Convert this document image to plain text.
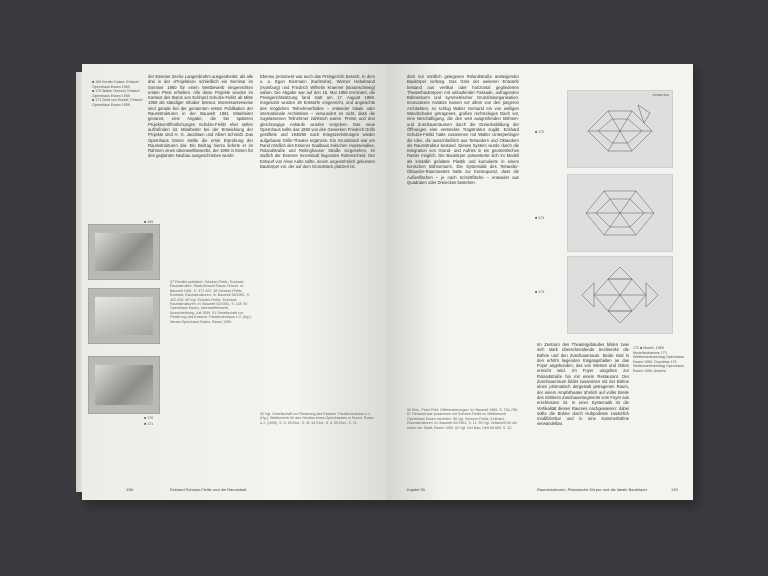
■ 169 Kerstin Kaiser, Entwurf Opernhaus Essen 1959
■ 170 Walter Gerund, Entwurf Opernhaus Essen 1959
■ 171 Gerd von Rudolf, Entwurf Opernhaus Essen 1959
der Essener Zeche Langenbrahm ausgearbeitet, als alle drei in der «Projektion» schließlich ein Seminar im Sommer 1960 für einen Wettbewerb eingereichten ersten Preis erhielten. Alle diese Projekte wurden im Kontext des Büros von Eckhard Schulze-Fielitz ab Mitte 1959 als ständiger Inhaber betreut. Interessanterweise sind gerade bei der genannten ersten Publikation der Raumstrukturen in der Bauwelt 1961 Mitarbeiter genannt, eine Angabe, die bei späteren Projektveröffentlichungen Schulze-Fielitz eher selten aufzufinden ist. Mitarbeiter bei der Entwicklung der Projekte sind H. G. Jacobsen und Albert Schmidt. Das Opernhaus Essen stellte die erste Erprobung der Raumstrukturen dar. Ein Beitrag hierzu lieferte er im Rahmen eines Ideenwettbewerbs, der 1959 in Essen für den geplanten Neubau ausgeschrieben wurde.
Ebenso prominent war auch das Preisgericht besetzt. In dem u. a. Egon Eiermann (Karlsruhe), Werner Hebebrand (Hamburg) und Friedrich Wilhelm Kraemer (Braunschweig) saßen. Die Abgabe war auf den 15. Mai 1959 terminiert, die Preisgerichtssitzung fand statt am 17. August 1959. Insgesamt wurden 39 Entwürfe eingereicht, und angesichts des möglichen Teilnehmerfeldes – entweder lokale oder internationale Architekten – verwundert es nicht, dass die zugelassenen Teilnehmer zahlreich waren. Preise und drei gleichrangige Ankäufe wurden vergeben. Das neue Opernhaus sollte das 1892 von den Gewerken Friedrich Grillo gestiftete und 1948/50 nach Kriegszerstörungen wieder aufgebaute Grillo-Theater ergänzen. Ein Grundstück war am Rand nördlich des Essener Saalbaus zwischen Huyssenallee, Rolandstraße und Reilinghauser Straße vorgesehen, im südlich der Essener Innenstadt liegenden Rottenscheid. Der Entwurf von Alvar Aalto sollte, einem ungewöhnlich gekurvten Baukörper vor, der auf dem Grundstück platziert ist.
■ 169
■ 170
■ 171
47 Parallel publiziert: Schulze-Fielitz, Eckhard: Raumstruktur; Stadt-Einwurf Raum-Tetroid. In: Bauwelt 1961, S. 377-397. 48 Schulze-Fielitz, Eckhard: Raumstrukturen. In: Bauwelt 36/1961, S. 422-425. 49 Vgl. Schulze-Fielitz, Eckhard: Raumstrukturen. In: Bauwelt 52/1961, S. 11ff. 50 Opernhaus Essen, Ideenwettbewerb, Ausschreibung. Juli 1959. 51 Gesellschaft zur Förderung des Essener Theaterneubaus e.V. (Hg.): Neues Opernhaus Essen. Essen 1959.
52 Vgl. Gesellschaft zur Förderung des Essener Theaterneubaus e.V. (Hg.): Wettbewerb für den Neubau eines Opernhauses in Essen. Essen o.J. (1959), S. 3. 53 Ebd., S. 5f. 54 Ebd., S. 8. 55 Ebd., S. 11.
138	Eckhard Schulze-Fielitz und die Raumstadt
dem nur nördlich gelegenen Rolandstraße ansteigender Baukörper verbarg. Das Gros der weiteren Entwürfe bestand aus vertikal oder horizontal gegliederten Theaterbaukörpern mit umlaufender Fassade, aufragenden Bühnenturm und symmetrischer Grundrissorganisation. Innovativere Ansätze kamen vor allem von den jüngeren Architekten, so schlug Walter Gersand ein von welligen Wandschalen getragenes, großes rechteckiges Dach vor, eine Beschäftigung, die den weit ausgreifenden Bühnen- und Zuschauerräumen durch die Dreiecksbildung der Öffnungen eine versteckte Tragstruktur zugibt. Eckhard Schulze-Fielitz hatte zusammen mit Walter Unterpertinger die Idee, die ausschließlich aus Tetraedern und Oktaedern als Raumstruktur bestand. Dieses System wurde durch die Integration von Grund- und Aufriss in ein geometrisches Raster möglich. Die Baukörper präsentierte sich im Modell als kristallin gefaltete Plastik und kumulierte in einem konischen Bühnenturm. Die Systematik des Tetraeder-Oktaeder-Raumrasters hatte zur Konsequenz, dass die Außenflächen – je nach Schnittfläche – entweder aus Quadraten oder Dreiecken bestehen.
56 Ebd., Peter Pohl: Differenzierungen. In: Bauwelt 1959, S. 754-758. 57 Gersand war zusammen mit Schulze-Fielitz im Wettbewerb Opernhaus Essen vertreten. 58 Vgl. Schulze-Fielitz, Eckhard: Raumstrukturen. In: Bauwelt 52/1961, S. 11. 59 Vgl. Zeitschrift für die Kultur der Stadt, Essen 1959. 60 Vgl. Der Bau, Heft 6/1960, S. 32.
■ 172
■ 173
■ 174
ISOMETRIE
Im Zentrum des Theatergebäudes bilden zwei sich stark überschneidende Sechsecke die Bühne und den Zuschauerraum. Beide sind in den erhöht liegenden Eingangshallen an das Foyer angebunden, das von Westen und Osten erreicht wird. Im Foyer umgeben zur Rolandstraße hin mit einem Restaurant. Der Zuschauerraum bildet zusammen mit der Bühne einen prismatisch dergestalt getragenen Raum, der einem Amphitheater ähnlich auf voller Breite des mittleren Zuschauersegments vom Foyer aus erschlossen ist. In einer Systematik ist die Vertikalität dieses Raumes nachgewiesen: dabei sollte die Bühne durch Hubpodeste zusätzlich modifizierbar und in eine Kammerbühne verwandelbar.
172 ■ Modell, 1959 Modellaufnahme 173 Wettbewerbsbeitrag Opernhaus Essen 1959, Grundriss 174 Wettbewerbsbeitrag Opernhaus Essen 1959, Ansicht
Kapitel 05	Raumstrukturen, Platonische Körper und die ideale Baukörper	139
